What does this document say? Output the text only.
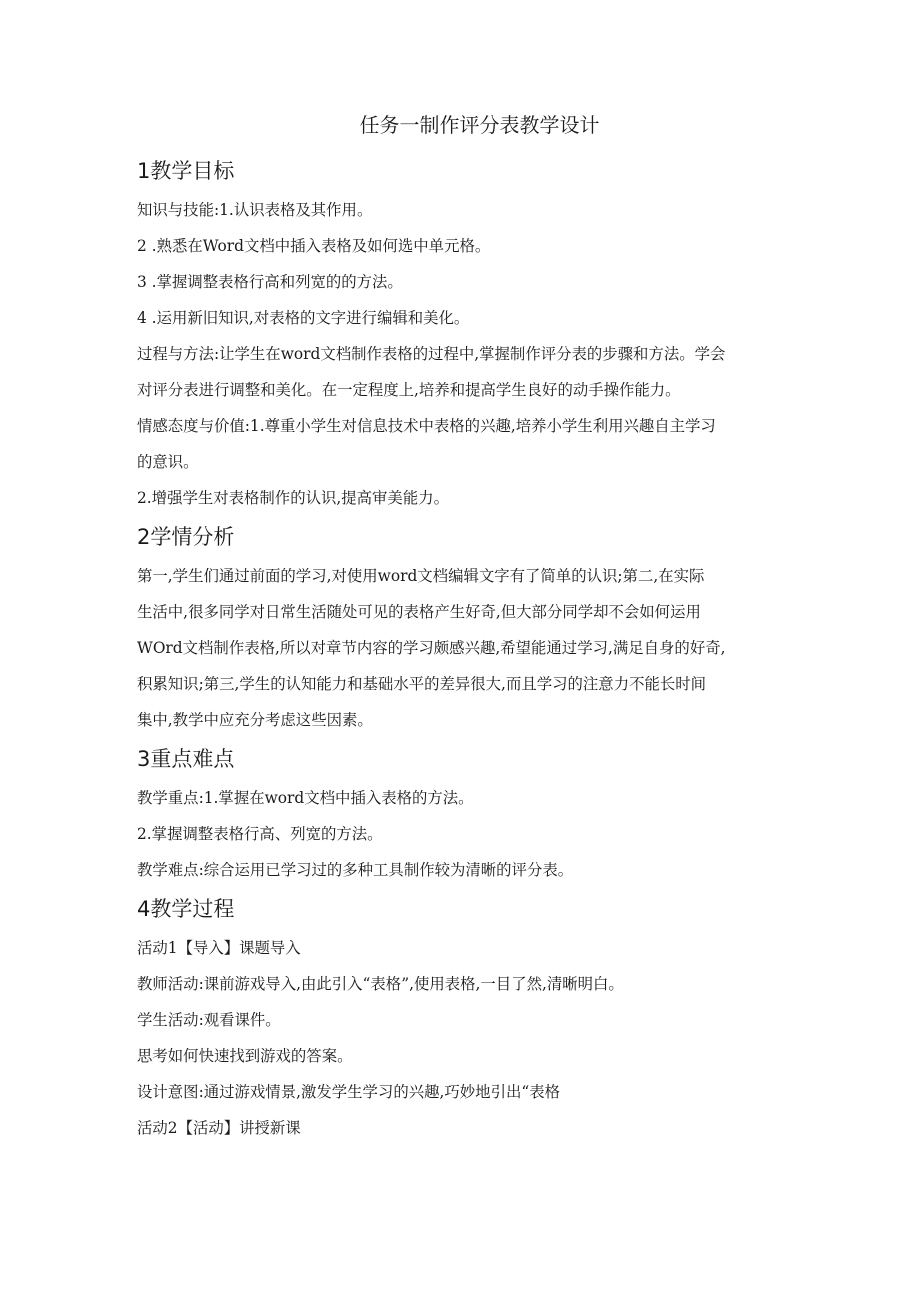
任务一制作评分表教学设计
1教学目标

知识与技能:1.认识表格及其作用。

2 .熟悉在Word文档中插入表格及如何选中单元格。

3 .掌握调整表格行高和列宽的的方法。

4 .运用新旧知识,对表格的文字进行编辑和美化。

过程与方法:让学生在word文档制作表格的过程中,掌握制作评分表的步骤和方法。学会

对评分表进行调整和美化。在一定程度上,培养和提高学生良好的动手操作能力。

情感态度与价值:1.尊重小学生对信息技术中表格的兴趣,培养小学生利用兴趣自主学习

的意识。

2.增强学生对表格制作的认识,提高审美能力。

2学情分析

第一,学生们通过前面的学习,对使用word文档编辑文字有了简单的认识;第二,在实际

生活中,很多同学对日常生活随处可见的表格产生好奇,但大部分同学却不会如何运用

WOrd文档制作表格,所以对章节内容的学习颇感兴趣,希望能通过学习,满足自身的好奇,

积累知识;第三,学生的认知能力和基础水平的差异很大,而且学习的注意力不能长时间

集中,教学中应充分考虑这些因素。

3重点难点

教学重点:1.掌握在word文档中插入表格的方法。

2.掌握调整表格行高、列宽的方法。

教学难点:综合运用已学习过的多种工具制作较为清晰的评分表。

4教学过程

活动1【导入】课题导入

教师活动:课前游戏导入,由此引入“表格”,使用表格,一目了然,清晰明白。

学生活动:观看课件。

思考如何快速找到游戏的答案。

设计意图:通过游戏情景,激发学生学习的兴趣,巧妙地引出“表格

活动2【活动】讲授新课
